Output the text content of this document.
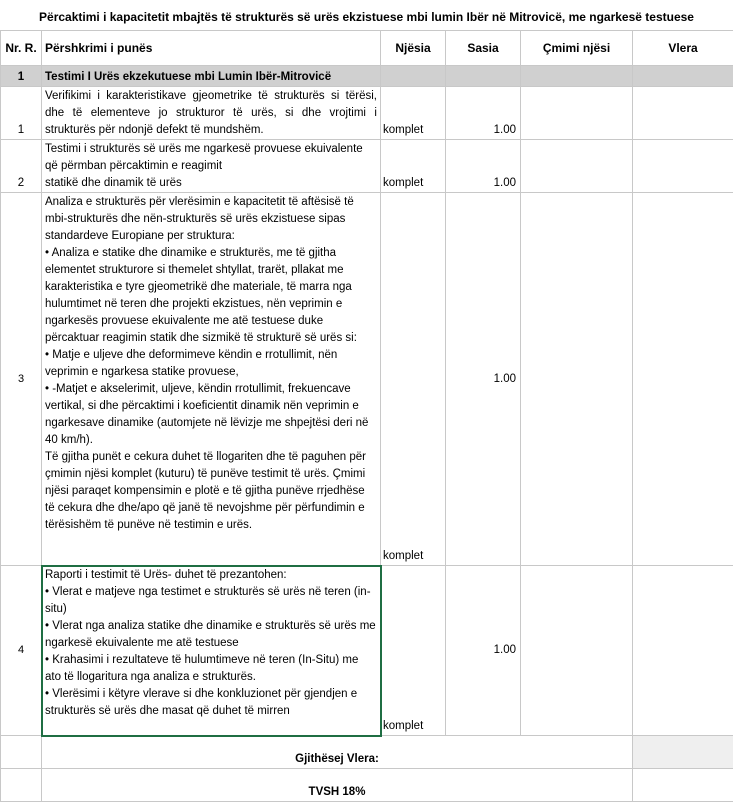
Përcaktimi i kapacitetit mbajtës të strukturës së urës ekzistuese mbi lumin Ibër në Mitrovicë, me ngarkesë testuese
Nr. R.	Përshkrimi i punës	Njësia	Sasia	Çmimi njësi	Vlera
1	Testimi I Urës ekzekutuese mbi Lumin Ibër-Mitrovicë				
1	Verifikimi i karakteristikave gjeometrike të strukturës si tërësi, dhe të elementeve jo strukturor të urës, si dhe vrojtimi i strukturës për ndonjë defekt të mundshëm.	komplet	1.00		
2	Testimi i strukturës së urës me ngarkesë provuese ekuivalente që përmban përcaktimin e reagimit
statikë dhe dinamik të urës	komplet	1.00		
3	Analiza e strukturës për vlerësimin e kapacitetit të aftësisë të mbi-strukturës dhe nën-strukturës së urës ekzistuese sipas standardeve Europiane per struktura:
• Analiza e statike dhe dinamike e strukturës, me të gjitha elementet strukturore si themelet shtyllat, trarët, pllakat me karakteristika e tyre gjeometrikë dhe materiale, të marra nga hulumtimet në teren dhe projekti ekzistues, nën veprimin e ngarkesës provuese ekuivalente me atë testuese duke përcaktuar reagimin statik dhe sizmikë të strukturë së urës si:
• Matje e uljeve dhe deformimeve këndin e rrotullimit, nën veprimin e ngarkesa statike provuese,
• -Matjet e akselerimit, uljeve, këndin rrotullimit, frekuencave vertikal, si dhe përcaktimi i koeficientit dinamik nën veprimin e ngarkesave dinamike (automjete në lëvizje me shpejtësi deri në 40 km/h).
Të gjitha punët e cekura duhet të llogariten dhe të paguhen për çmimin njësi komplet (kuturu) të punëve testimit të urës. Çmimi njësi paraqet kompensimin e plotë e të gjitha punëve rrjedhëse të cekura dhe dhe/apo që janë të nevojshme për përfundimin e tërësishëm të punëve në testimin e urës.	komplet	1.00		
4	Raporti i testimit të Urës- duhet të prezantohen:
• Vlerat e matjeve nga testimet e strukturës së urës në teren (in-situ)
• Vlerat nga analiza statike dhe dinamike e strukturës së urës me ngarkesë ekuivalente me atë testuese
• Krahasimi i rezultateve të hulumtimeve në teren (In-Situ) me ato të llogaritura nga analiza e strukturës.
• Vlerësimi i këtyre vlerave si dhe konkluzionet për gjendjen e strukturës së urës dhe masat që duhet të mirren	komplet	1.00		
	Gjithësej Vlera:				
	TVSH 18%				
